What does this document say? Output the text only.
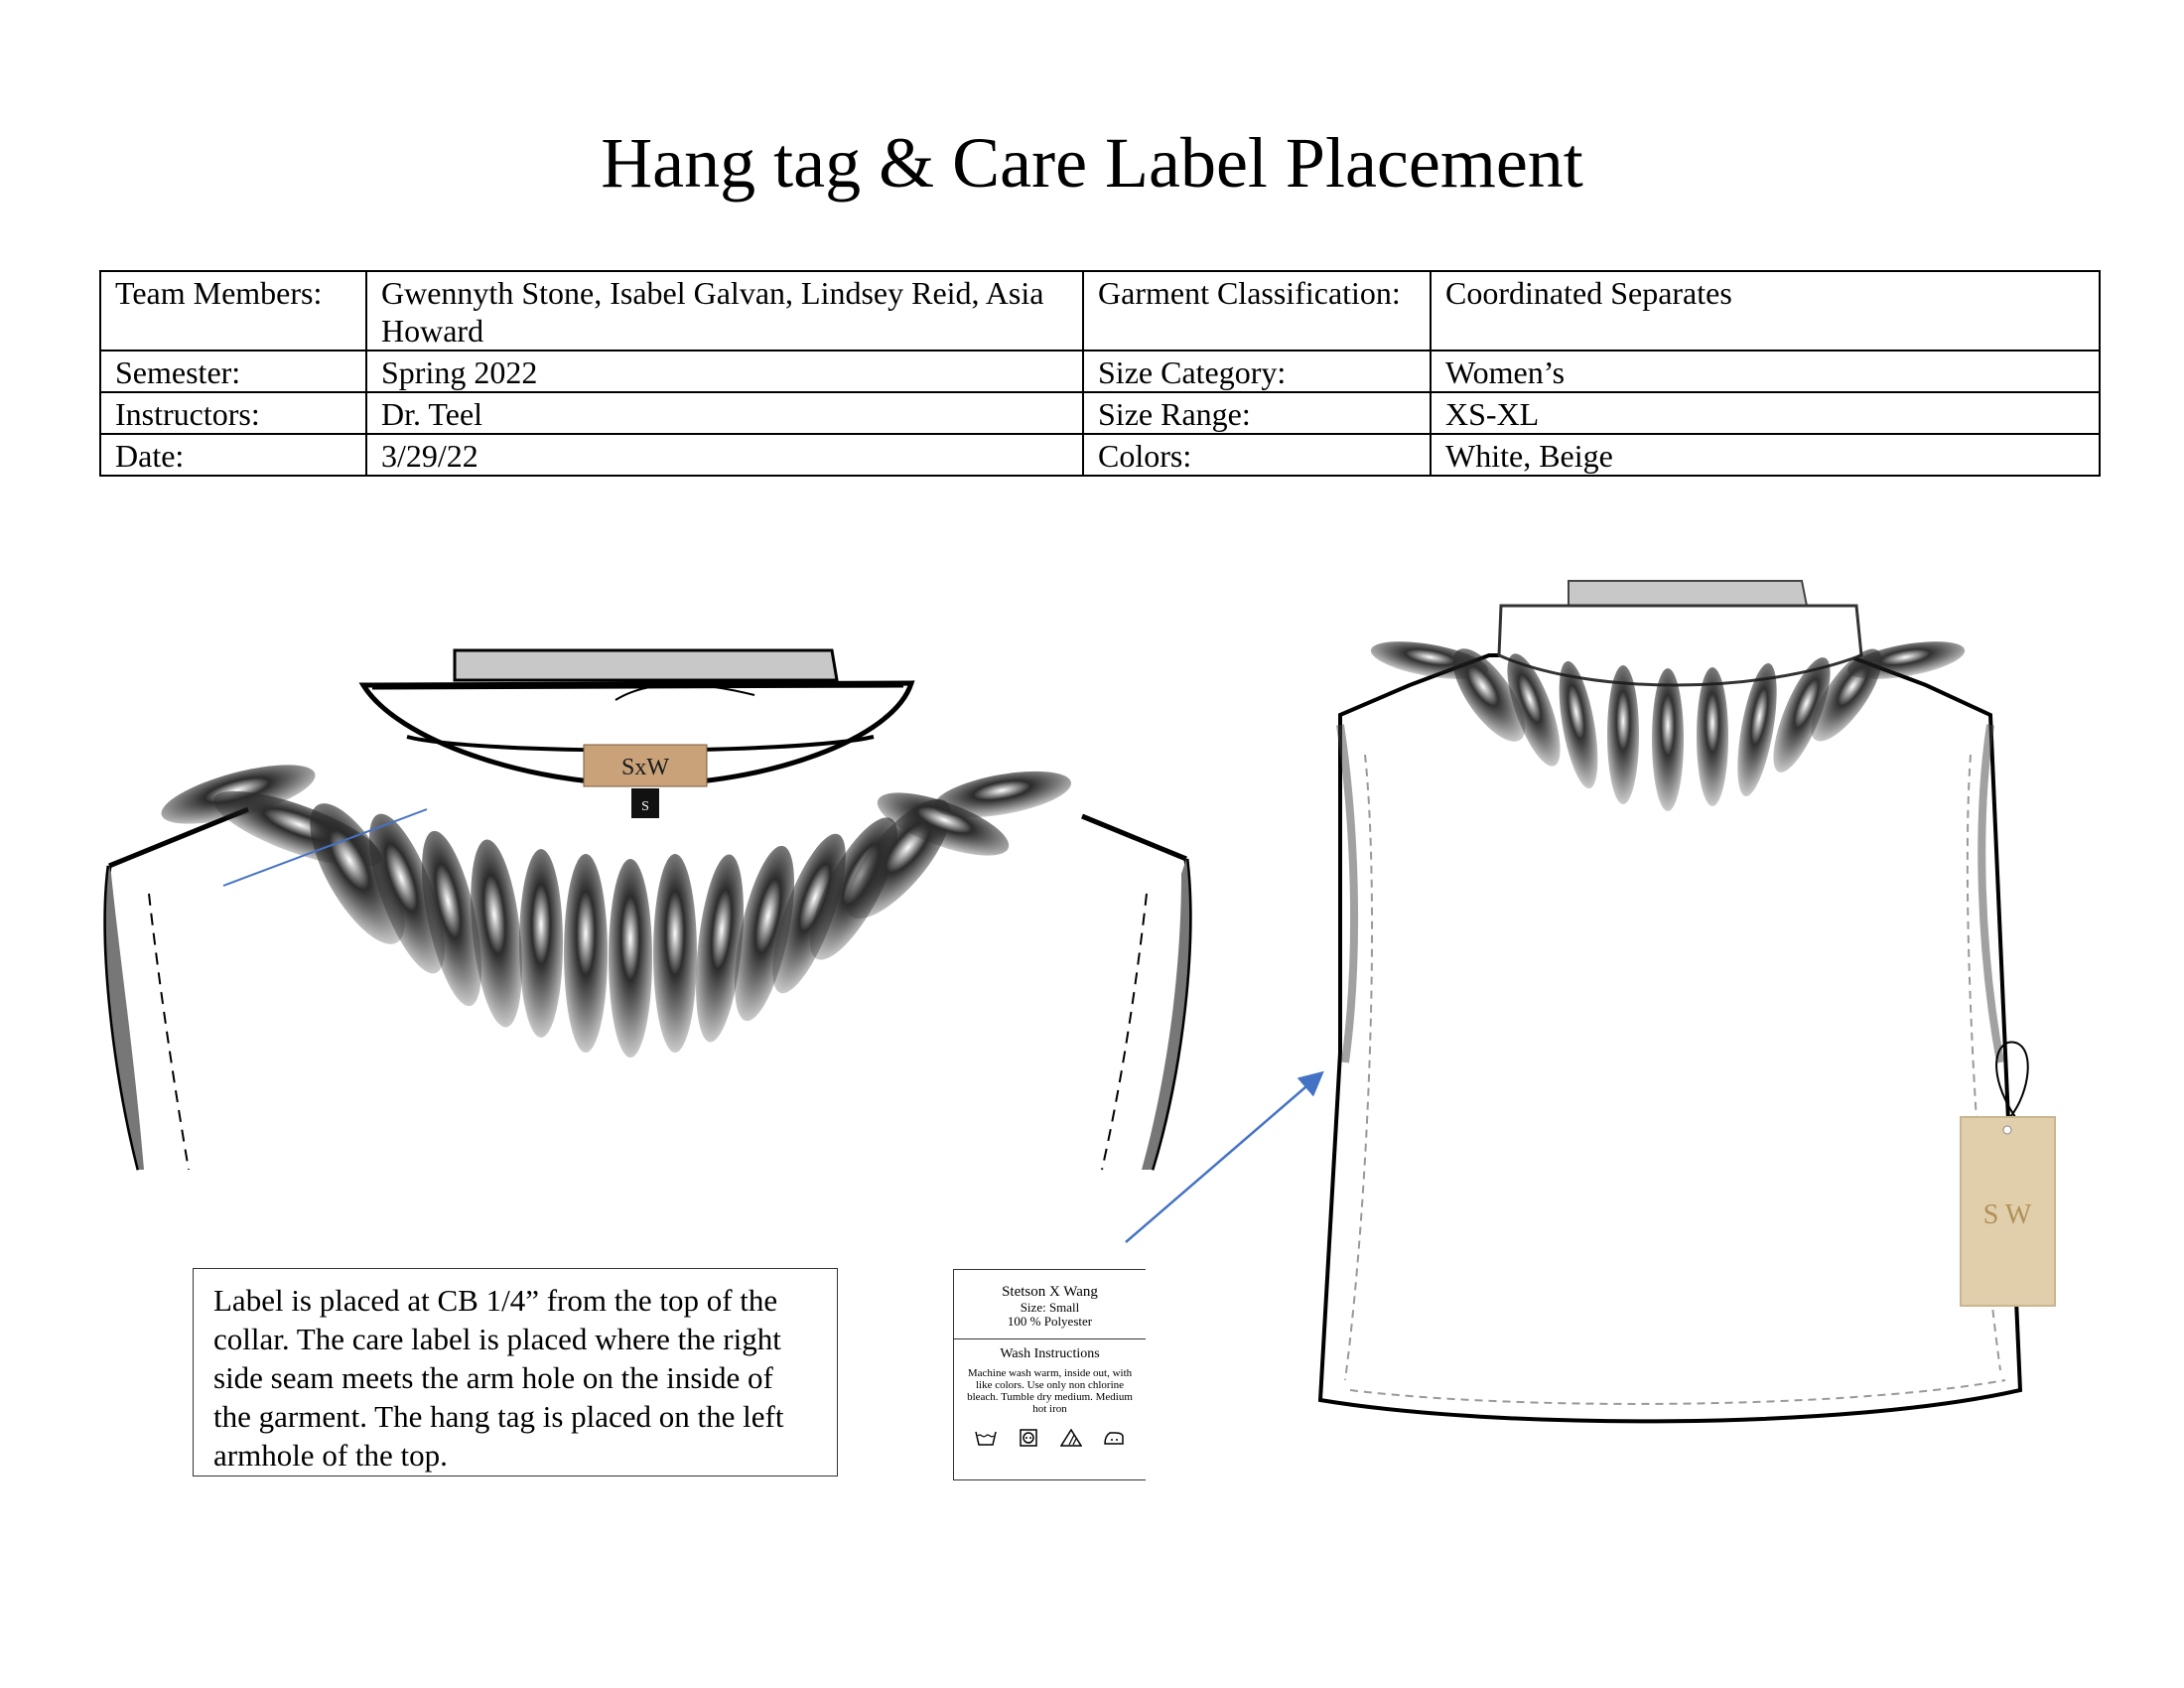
Hang tag & Care Label Placement
Team Members:	Gwennyth Stone, Isabel Galvan, Lindsey Reid, Asia Howard	Garment Classification:	Coordinated Separates
Semester:	Spring 2022	Size Category:	Women’s
Instructors:	Dr. Teel	Size Range:	XS-XL
Date:	3/29/22	Colors:	White, Beige
SxW
S
S W
Label is placed at CB 1/4” from the top of the collar. The care label is placed where the right side seam meets the arm hole on the inside of the garment. The hang tag is placed on the left armhole of the top.
Stetson X Wang
Size: Small
100 % Polyester
Wash Instructions
Machine wash warm, inside out, with like colors. Use only non chlorine bleach. Tumble dry medium. Medium hot iron
